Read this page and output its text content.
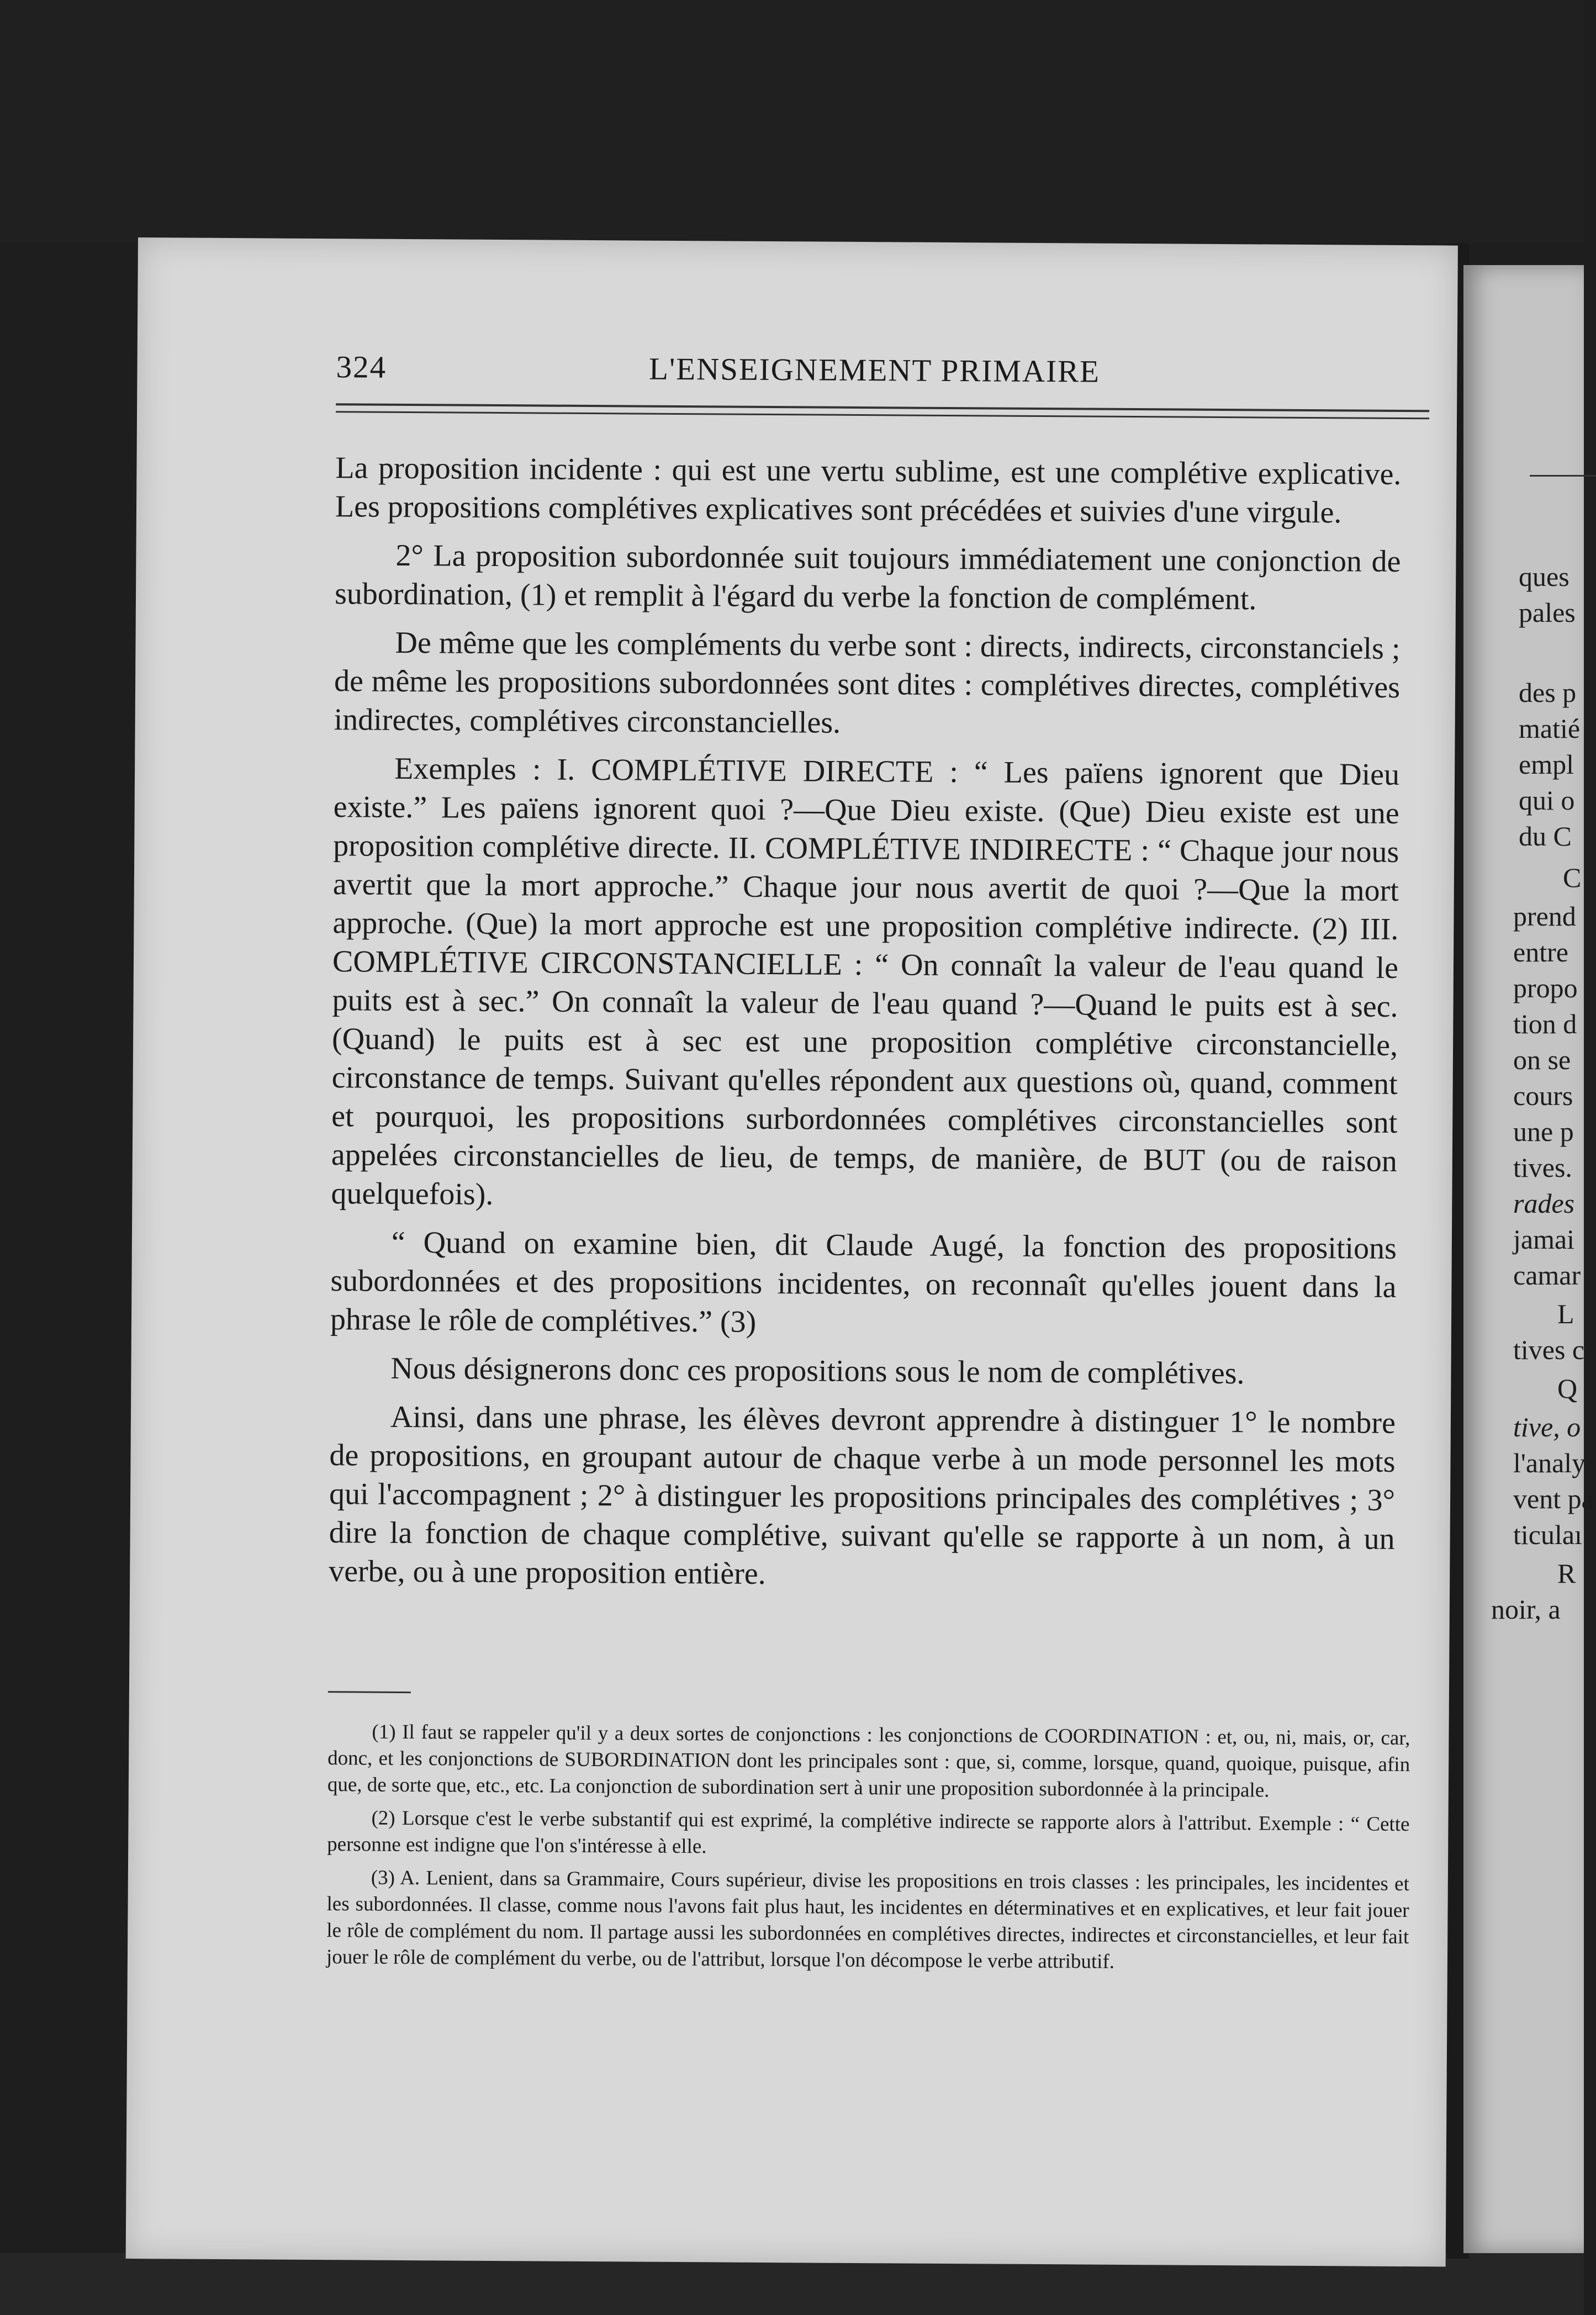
ques
pales
des p
matié
empl
qui o
du C
C
prend
entre
propo
tion d
on se
cours
une p
tives.
rades
jamai
camar
L
tives c
Q
tive, o
l'analy
vent pa
ticulaı
R
noir, a
324	L'ENSEIGNEMENT PRIMAIRE

La proposition incidente : qui est une vertu sublime, est une complétive explicative. Les propositions complétives explicatives sont précédées et suivies d'une virgule.

2° La proposition subordonnée suit toujours immédiatement une conjonction de subordination, (1) et remplit à l'égard du verbe la fonction de complément.

De même que les compléments du verbe sont : directs, indirects, circonstanciels ; de même les propositions subordonnées sont dites : complétives directes, complétives indirectes, complétives circonstancielles.

Exemples : I. COMPLÉTIVE DIRECTE : “ Les païens ignorent que Dieu existe.” Les païens ignorent quoi ?—Que Dieu existe. (Que) Dieu existe est une proposition complétive directe. II. COMPLÉTIVE INDIRECTE : “ Chaque jour nous avertit que la mort approche.” Chaque jour nous avertit de quoi ?—Que la mort approche. (Que) la mort approche est une proposition complétive indirecte. (2) III. COMPLÉTIVE CIRCONSTANCIELLE : “ On connaît la valeur de l'eau quand le puits est à sec.” On connaît la valeur de l'eau quand ?—Quand le puits est à sec. (Quand) le puits est à sec est une proposition complétive circonstancielle, circonstance de temps. Suivant qu'elles répondent aux questions où, quand, comment et pourquoi, les propositions surbordonnées complétives circonstancielles sont appelées circonstancielles de lieu, de temps, de manière, de BUT (ou de raison quelquefois).

“ Quand on examine bien, dit Claude Augé, la fonction des propositions subordonnées et des propositions incidentes, on reconnaît qu'elles jouent dans la phrase le rôle de complétives.” (3)

Nous désignerons donc ces propositions sous le nom de complétives.

Ainsi, dans une phrase, les élèves devront apprendre à distinguer 1° le nombre de propositions, en groupant autour de chaque verbe à un mode personnel les mots qui l'accompagnent ; 2° à distinguer les propositions principales des complétives ; 3° dire la fonction de chaque complétive, suivant qu'elle se rapporte à un nom, à un verbe, ou à une proposition entière.

(1) Il faut se rappeler qu'il y a deux sortes de conjonctions : les conjonctions de COORDINATION : et, ou, ni, mais, or, car, donc, et les conjonctions de SUBORDINATION dont les principales sont : que, si, comme, lorsque, quand, quoique, puisque, afin que, de sorte que, etc., etc. La conjonction de subordination sert à unir une proposition subordonnée à la principale.

(2) Lorsque c'est le verbe substantif qui est exprimé, la complétive indirecte se rapporte alors à l'attribut. Exemple : “ Cette personne est indigne que l'on s'intéresse à elle.

(3) A. Lenient, dans sa Grammaire, Cours supérieur, divise les propositions en trois classes : les principales, les incidentes et les subordonnées. Il classe, comme nous l'avons fait plus haut, les incidentes en déterminatives et en explicatives, et leur fait jouer le rôle de complément du nom. Il partage aussi les subordonnées en complétives directes, indirectes et circonstancielles, et leur fait jouer le rôle de complément du verbe, ou de l'attribut, lorsque l'on décompose le verbe attributif.
